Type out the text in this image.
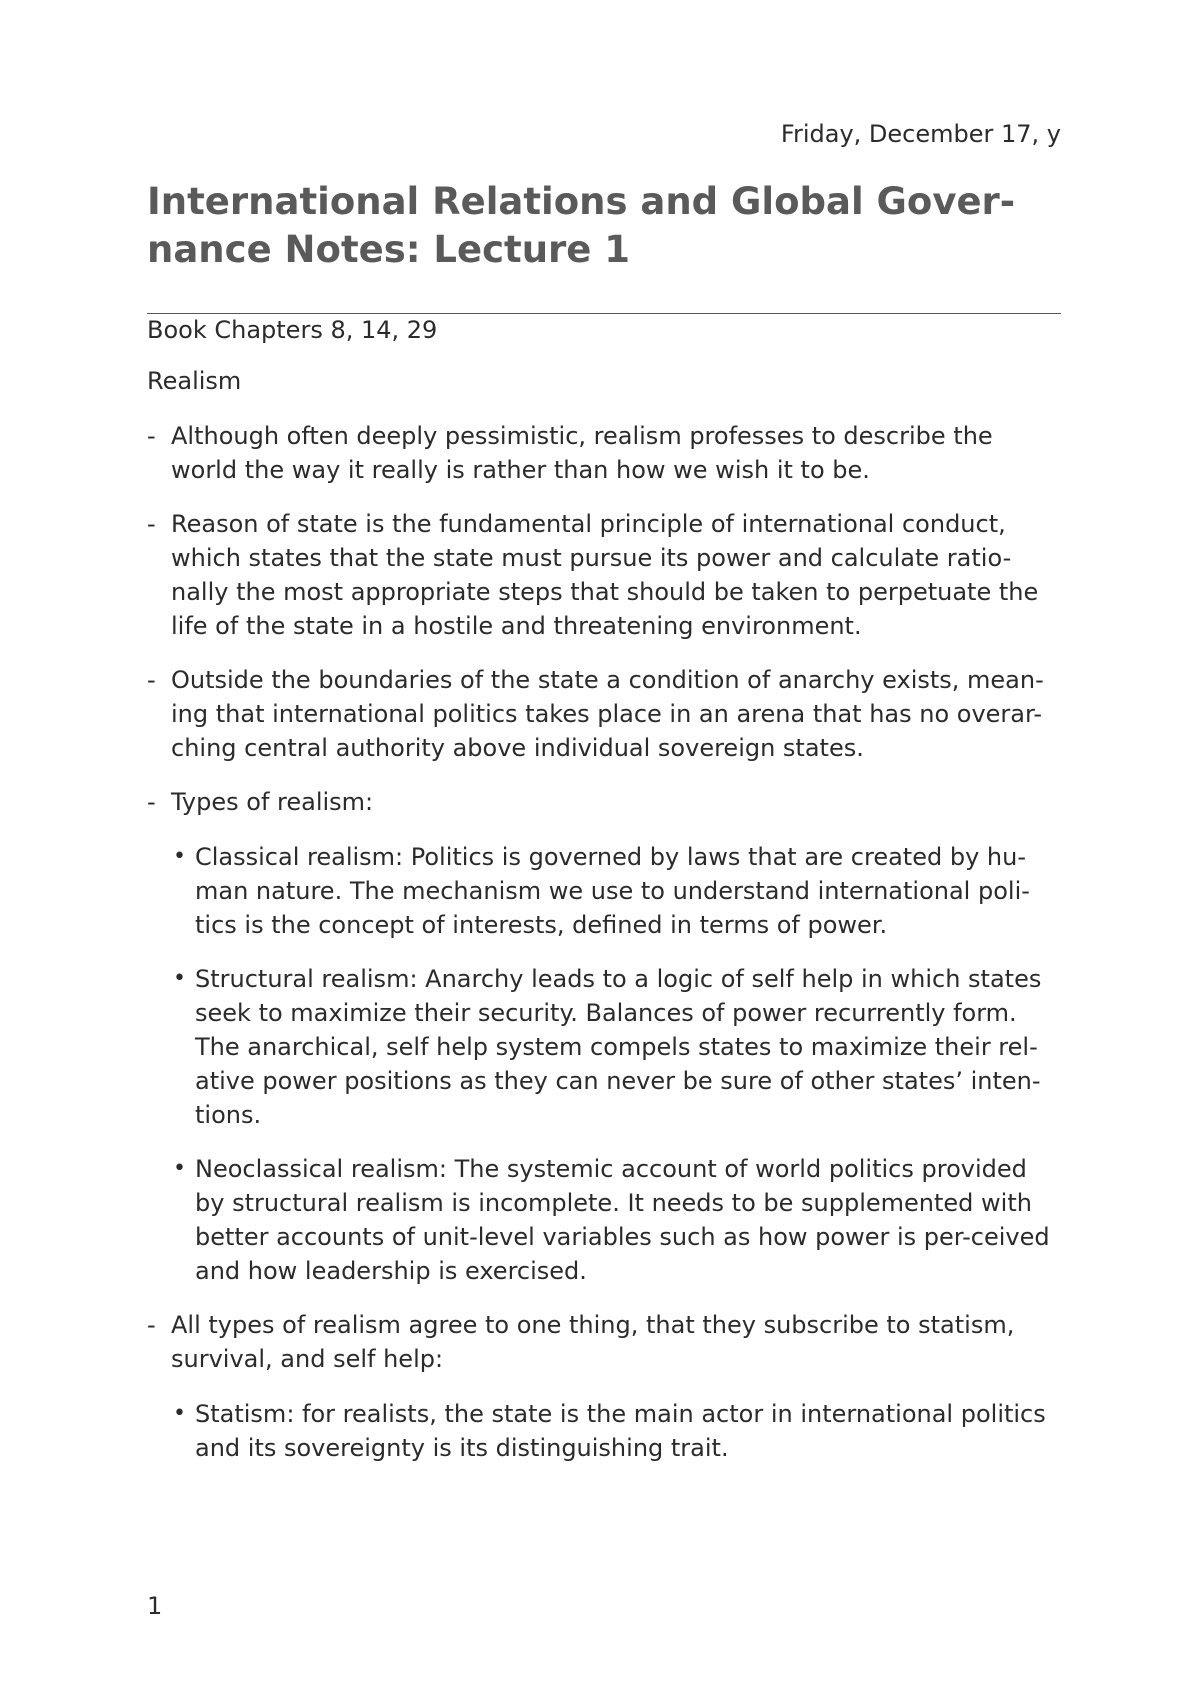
Friday, December 17, y
International Relations and Global Gover-nance Notes: Lecture 1

Book Chapters 8, 14, 29

Realism

- Although often deeply pessimistic, realism professes to describe the world the way it really is rather than how we wish it to be.
- Reason of state is the fundamental principle of international conduct, which states that the state must pursue its power and calculate ratio-nally the most appropriate steps that should be taken to perpetuate the life of the state in a hostile and threatening environment.
- Outside the boundaries of the state a condition of anarchy exists, mean-ing that international politics takes place in an arena that has no overar-ching central authority above individual sovereign states.
- Types of realism:
• Classical realism: Politics is governed by laws that are created by hu-man nature. The mechanism we use to understand international poli-tics is the concept of interests, defined in terms of power.
• Structural realism: Anarchy leads to a logic of self help in which states seek to maximize their security. Balances of power recurrently form. The anarchical, self help system compels states to maximize their rel-ative power positions as they can never be sure of other states’ inten-tions.
• Neoclassical realism: The systemic account of world politics provided by structural realism is incomplete. It needs to be supplemented with better accounts of unit-level variables such as how power is per-ceived and how leadership is exercised.
- All types of realism agree to one thing, that they subscribe to statism, survival, and self help:
• Statism: for realists, the state is the main actor in international politics and its sovereignty is its distinguishing trait.
1
